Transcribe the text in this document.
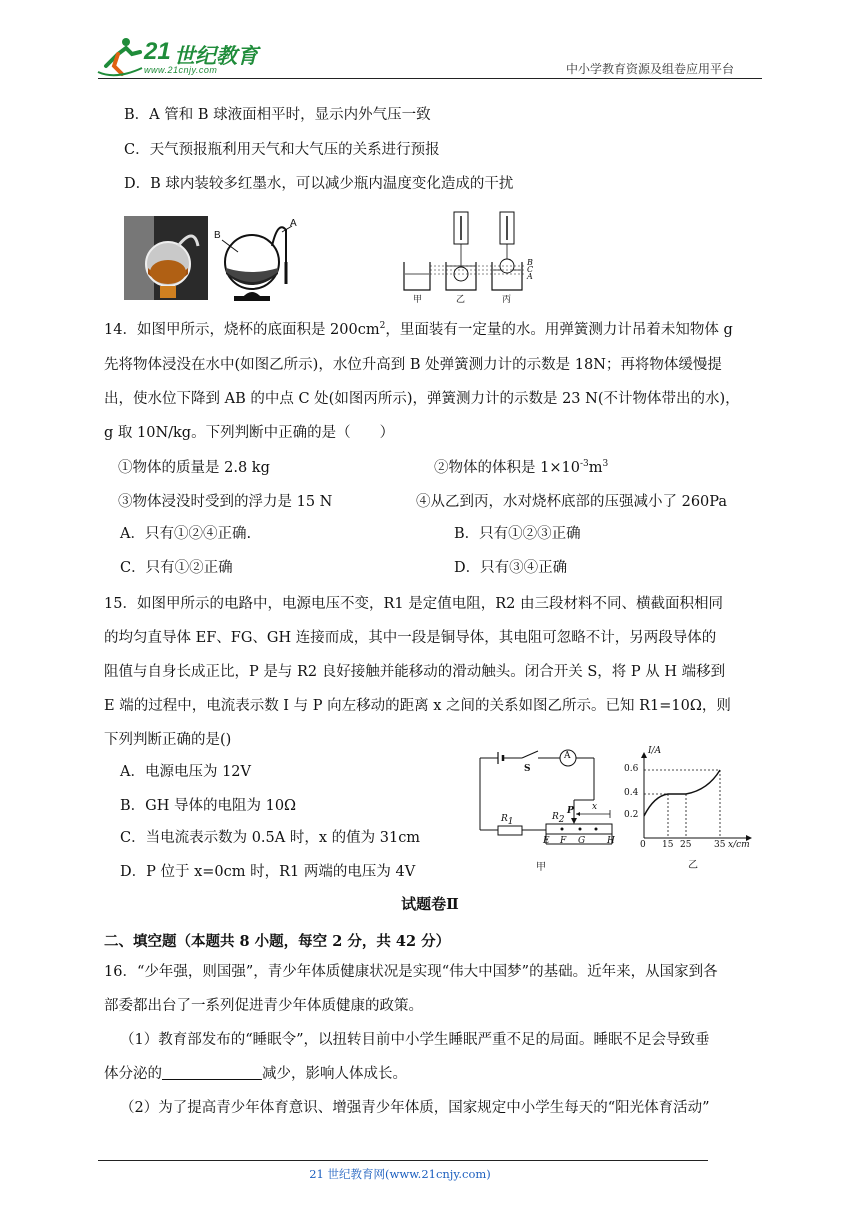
21 世纪教育
www.21cnjy.com	中小学教育资源及组卷应用平台
B．A 管和 B 球液面相平时，显示内外气压一致
C．天气预报瓶利用天气和大气压的关系进行预报
D．B 球内装较多红墨水，可以减少瓶内温度变化造成的干扰
B
A
B
C
A
甲	乙	丙
14．如图甲所示，烧杯的底面积是 $200cm^2$，里面装有一定量的水。用弹簧测力计吊着未知物体 g
先将物体浸没在水中(如图乙所示)，水位升高到 B 处弹簧测力计的示数是 18N；再将物体缓慢提
出，使水位下降到 AB 的中点 C 处(如图丙所示)，弹簧测力计的示数是 23 N(不计物体带出的水)，
g 取 10N/kg。下列判断中正确的是（　　）
①物体的质量是 2.8 kg	②物体的体积是 $1\times 10^{-3}m^3$
③物体浸没时受到的浮力是 15 N	④从乙到丙，水对烧杯底部的压强减小了 260Pa
A．只有①②④正确.	B．只有①②③正确
C．只有①②正确	D．只有③④正确
15．如图甲所示的电路中，电源电压不变，R1 是定值电阻，R2 由三段材料不同、横截面积相同
的均匀直导体 EF、FG、GH 连接而成，其中一段是铜导体，其电阻可忽略不计，另两段导体的
阻值与自身长成正比，P 是与 R2 良好接触并能移动的滑动触头。闭合开关 S，将 P 从 H 端移到
E 端的过程中，电流表示数 I 与 P 向左移动的距离 x 之间的关系如图乙所示。已知 R1=10Ω，则
下列判断正确的是()
A．电源电压为 12V
B．GH 导体的电阻为 10Ω
C．当电流表示数为 0.5A 时，x 的值为 31cm
D．P 位于 x=0cm 时，R1 两端的电压为 4V
S
A
$R_1$	$R_2$
P x
E F G H
甲
I/A
0.6
0.4
0.2
0 15 25	35 x/cm
乙
试题卷Ⅱ
二、填空题（本题共 8 小题，每空 2 分，共 42 分）
16．“少年强，则国强”，青少年体质健康状况是实现“伟大中国梦”的基础。近年来，从国家到各
部委都出台了一系列促进青少年体质健康的政策。
（1）教育部发布的“睡眠令”，以扭转目前中小学生睡眠严重不足的局面。睡眠不足会导致垂
体分泌的	减少，影响人体成长。
（2）为了提高青少年体育意识、增强青少年体质，国家规定中小学生每天的“阳光体育活动”
21 世纪教育网(www.21cnjy.com)
